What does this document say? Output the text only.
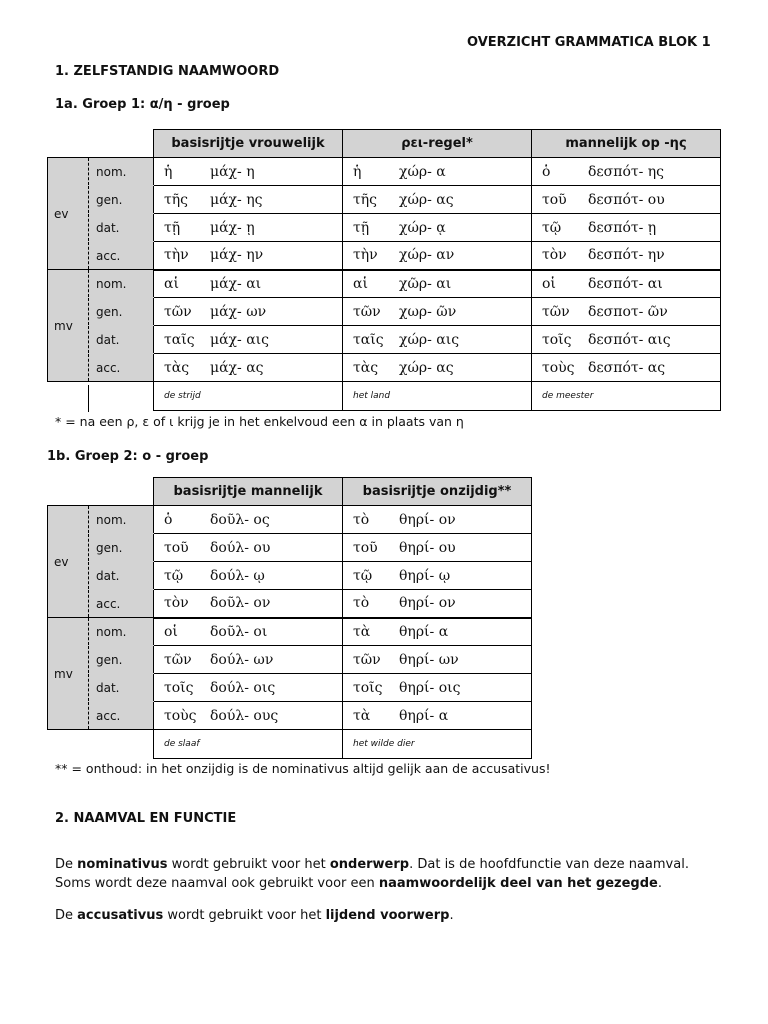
OVERZICHT GRAMMATICA BLOK 1
1. ZELFSTANDIG NAAMWOORD
1a. Groep 1: α/η - groep
		basisrijtje vrouwelijk	ρει-regel*	mannelijk op -ης
ev	nom.	ἡ μάχ- η	ἡ χώρ- α	ὁ δεσπότ- ης
	gen.	τῆς μάχ- ης	τῆς χώρ- ας	τοῦ δεσπότ- ου
	dat.	τῇ μάχ- ῃ	τῇ χώρ- ᾳ	τῷ δεσπότ- ῃ
	acc.	τὴν μάχ- ην	τὴν χώρ- αν	τὸν δεσπότ- ην
mv	nom.	αἱ μάχ- αι	αἱ χῶρ- αι	οἱ δεσπότ- αι
	gen.	τῶν μάχ- ων	τῶν χωρ- ῶν	τῶν δεσποτ- ῶν
	dat.	ταῖς μάχ- αις	ταῖς χώρ- αις	τοῖς δεσπότ- αις
	acc.	τὰς μάχ- ας	τὰς χώρ- ας	τοὺς δεσπότ- ας
		de strijd	het land	de meester
* = na een ρ, ε of ι krijg je in het enkelvoud een α in plaats van η
1b. Groep 2: ο - groep
		basisrijtje mannelijk	basisrijtje onzijdig**
ev	nom.	ὁ δοῦλ- ος	τὸ θηρί- ον
	gen.	τοῦ δούλ- ου	τοῦ θηρί- ου
	dat.	τῷ δούλ- ῳ	τῷ θηρί- ῳ
	acc.	τὸν δοῦλ- ον	τὸ θηρί- ον
mv	nom.	οἱ δοῦλ- οι	τὰ θηρί- α
	gen.	τῶν δούλ- ων	τῶν θηρί- ων
	dat.	τοῖς δούλ- οις	τοῖς θηρί- οις
	acc.	τοὺς δούλ- ους	τὰ θηρί- α
		de slaaf	het wilde dier
** = onthoud: in het onzijdig is de nominativus altijd gelijk aan de accusativus!
2. NAAMVAL EN FUNCTIE
De nominativus wordt gebruikt voor het onderwerp. Dat is de hoofdfunctie van deze naamval.
Soms wordt deze naamval ook gebruikt voor een naamwoordelijk deel van het gezegde.
De accusativus wordt gebruikt voor het lijdend voorwerp.
